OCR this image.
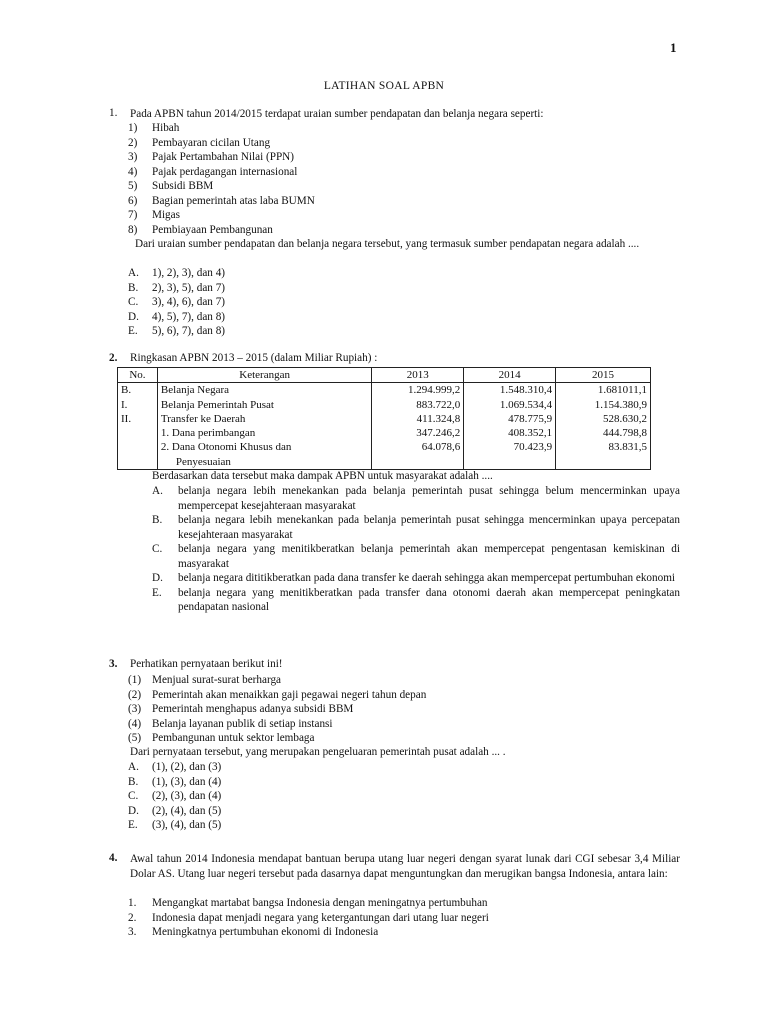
1
LATIHAN SOAL APBN
1. Pada APBN tahun 2014/2015 terdapat uraian sumber pendapatan dan belanja negara seperti:
1) Hibah
2) Pembayaran cicilan Utang
3) Pajak Pertambahan Nilai (PPN)
4) Pajak perdagangan internasional
5) Subsidi BBM
6) Bagian pemerintah atas laba BUMN
7) Migas
8) Pembiayaan Pembangunan
Dari uraian sumber pendapatan dan belanja negara tersebut, yang termasuk sumber pendapatan negara adalah ....
A. 1), 2), 3), dan 4)
B. 2), 3), 5), dan 7)
C. 3), 4), 6), dan 7)
D. 4), 5), 7), dan 8)
E. 5), 6), 7), dan 8)
2. Ringkasan APBN 2013 – 2015 (dalam Miliar Rupiah) :
No.	Keterangan	2013	2014	2015
B.	Belanja Negara	1.294.999,2	1.548.310,4	1.681011,1
I.	Belanja Pemerintah Pusat	883.722,0	1.069.534,4	1.154.380,9
II.	Transfer ke Daerah	411.324,8	478.775,9	528.630,2
	1. Dana perimbangan	347.246,2	408.352,1	444.798,8
	2. Dana Otonomi Khusus dan	64.078,6	70.423,9	83.831,5
	Penyesuaian			
Berdasarkan data tersebut maka dampak APBN untuk masyarakat adalah ....
A. belanja negara lebih menekankan pada belanja pemerintah pusat sehingga belum mencerminkan upaya mempercepat kesejahteraan masyarakat
B. belanja negara lebih menekankan pada belanja pemerintah pusat sehingga mencerminkan upaya percepatan kesejahteraan masyarakat
C. belanja negara yang menitikberatkan belanja pemerintah akan mempercepat pengentasan kemiskinan di masyarakat
D. belanja negara dititikberatkan pada dana transfer ke daerah sehingga akan mempercepat pertumbuhan ekonomi
E. belanja negara yang menitikberatkan pada transfer dana otonomi daerah akan mempercepat peningkatan pendapatan nasional
3. Perhatikan pernyataan berikut ini!
(1) Menjual surat-surat berharga
(2) Pemerintah akan menaikkan gaji pegawai negeri tahun depan
(3) Pemerintah menghapus adanya subsidi BBM
(4) Belanja layanan publik di setiap instansi
(5) Pembangunan untuk sektor lembaga
Dari pernyataan tersebut, yang merupakan pengeluaran pemerintah pusat adalah ... .
A. (1), (2), dan (3)
B. (1), (3), dan (4)
C. (2), (3), dan (4)
D. (2), (4), dan (5)
E. (3), (4), dan (5)
4. Awal tahun 2014 Indonesia mendapat bantuan berupa utang luar negeri dengan syarat lunak dari CGI sebesar 3,4 Miliar Dolar AS. Utang luar negeri tersebut pada dasarnya dapat menguntungkan dan merugikan bangsa Indonesia, antara lain:
1. Mengangkat martabat bangsa Indonesia dengan meningatnya pertumbuhan
2. Indonesia dapat menjadi negara yang ketergantungan dari utang luar negeri
3. Meningkatnya pertumbuhan ekonomi di Indonesia
